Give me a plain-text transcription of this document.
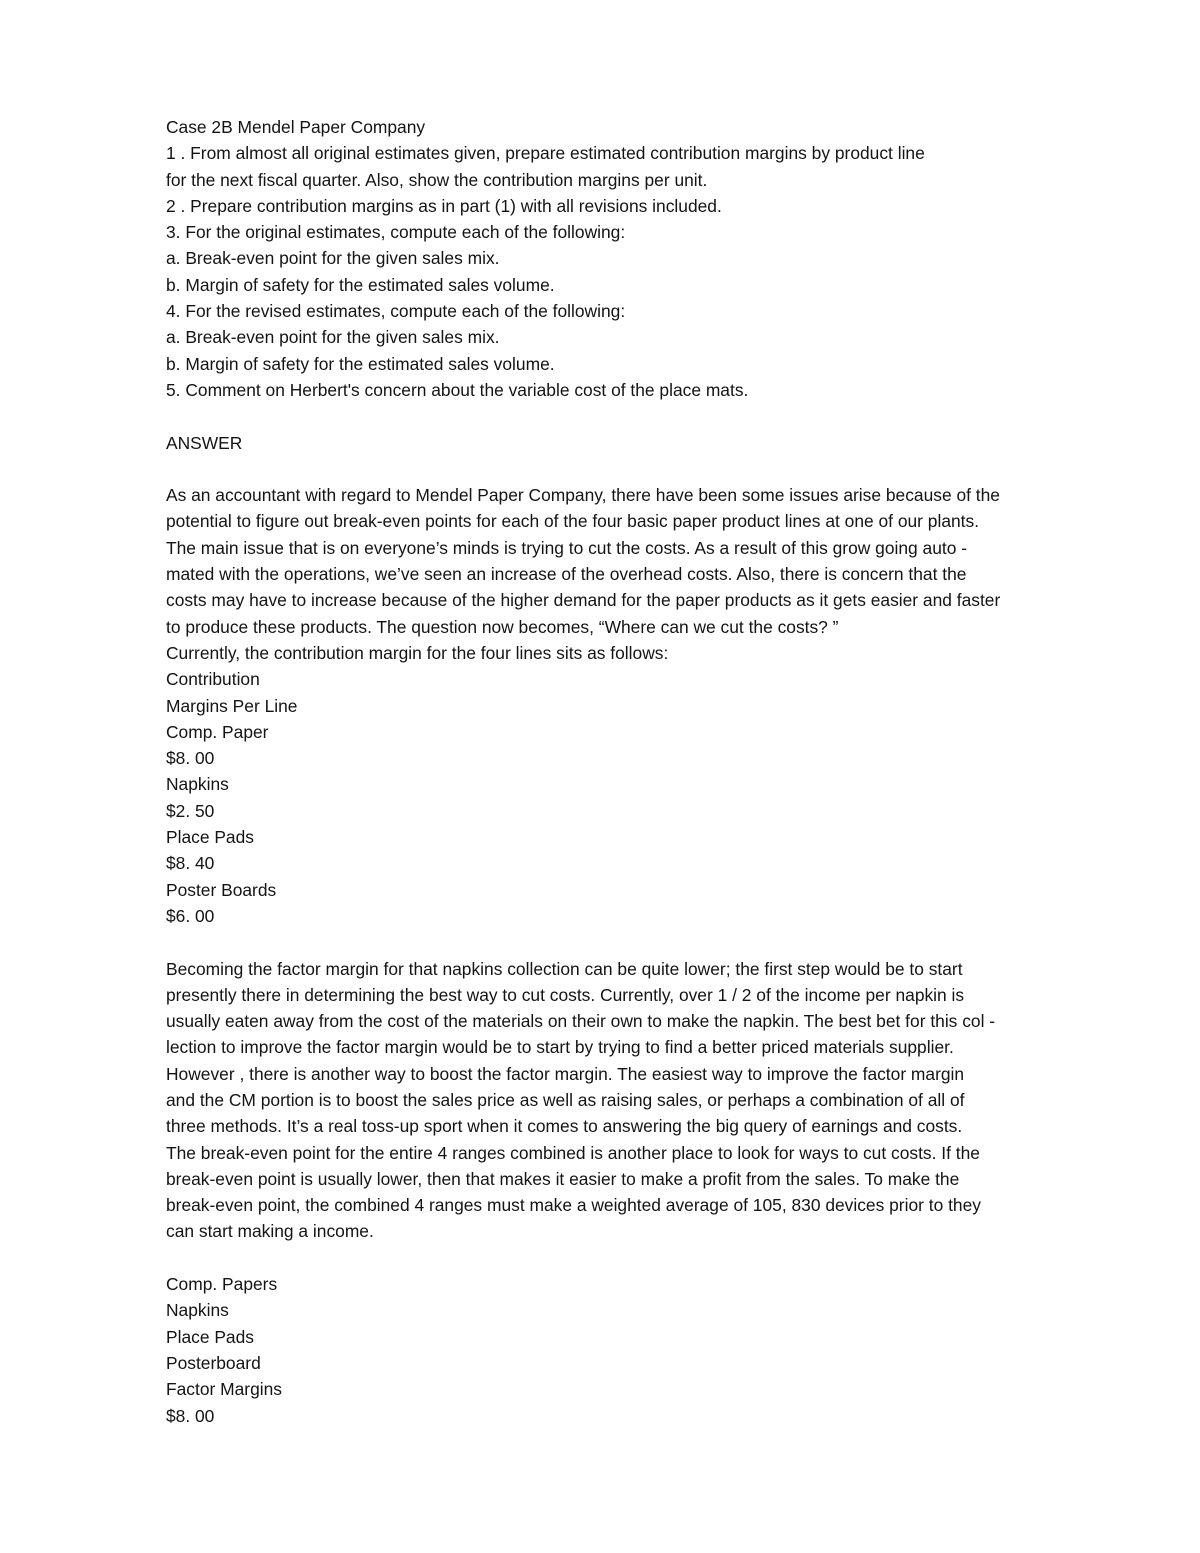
Case 2B Mendel Paper Company
1 . From almost all original estimates given, prepare estimated contribution margins by product line
for the next fiscal quarter. Also, show the contribution margins per unit.
2 . Prepare contribution margins as in part (1) with all revisions included.
3. For the original estimates, compute each of the following:
a. Break-even point for the given sales mix.
b. Margin of safety for the estimated sales volume.
4. For the revised estimates, compute each of the following:
a. Break-even point for the given sales mix.
b. Margin of safety for the estimated sales volume.
5. Comment on Herbert's concern about the variable cost of the place mats.
ANSWER
As an accountant with regard to Mendel Paper Company, there have been some issues arise because of the
potential to figure out break-even points for each of the four basic paper product lines at one of our plants.
The main issue that is on everyone’s minds is trying to cut the costs. As a result of this grow going auto -
mated with the operations, we’ve seen an increase of the overhead costs. Also, there is concern that the
costs may have to increase because of the higher demand for the paper products as it gets easier and faster
to produce these products. The question now becomes, “Where can we cut the costs? ”
Currently, the contribution margin for the four lines sits as follows:
Contribution
Margins Per Line
Comp. Paper
$8. 00
Napkins
$2. 50
Place Pads
$8. 40
Poster Boards
$6. 00
Becoming the factor margin for that napkins collection can be quite lower; the first step would be to start
presently there in determining the best way to cut costs. Currently, over 1 / 2 of the income per napkin is
usually eaten away from the cost of the materials on their own to make the napkin. The best bet for this col -
lection to improve the factor margin would be to start by trying to find a better priced materials supplier.
However , there is another way to boost the factor margin. The easiest way to improve the factor margin
and the CM portion is to boost the sales price as well as raising sales, or perhaps a combination of all of
three methods. It’s a real toss-up sport when it comes to answering the big query of earnings and costs.
The break-even point for the entire 4 ranges combined is another place to look for ways to cut costs. If the
break-even point is usually lower, then that makes it easier to make a profit from the sales. To make the
break-even point, the combined 4 ranges must make a weighted average of 105, 830 devices prior to they
can start making a income.
Comp. Papers
Napkins
Place Pads
Posterboard
Factor Margins
$8. 00
